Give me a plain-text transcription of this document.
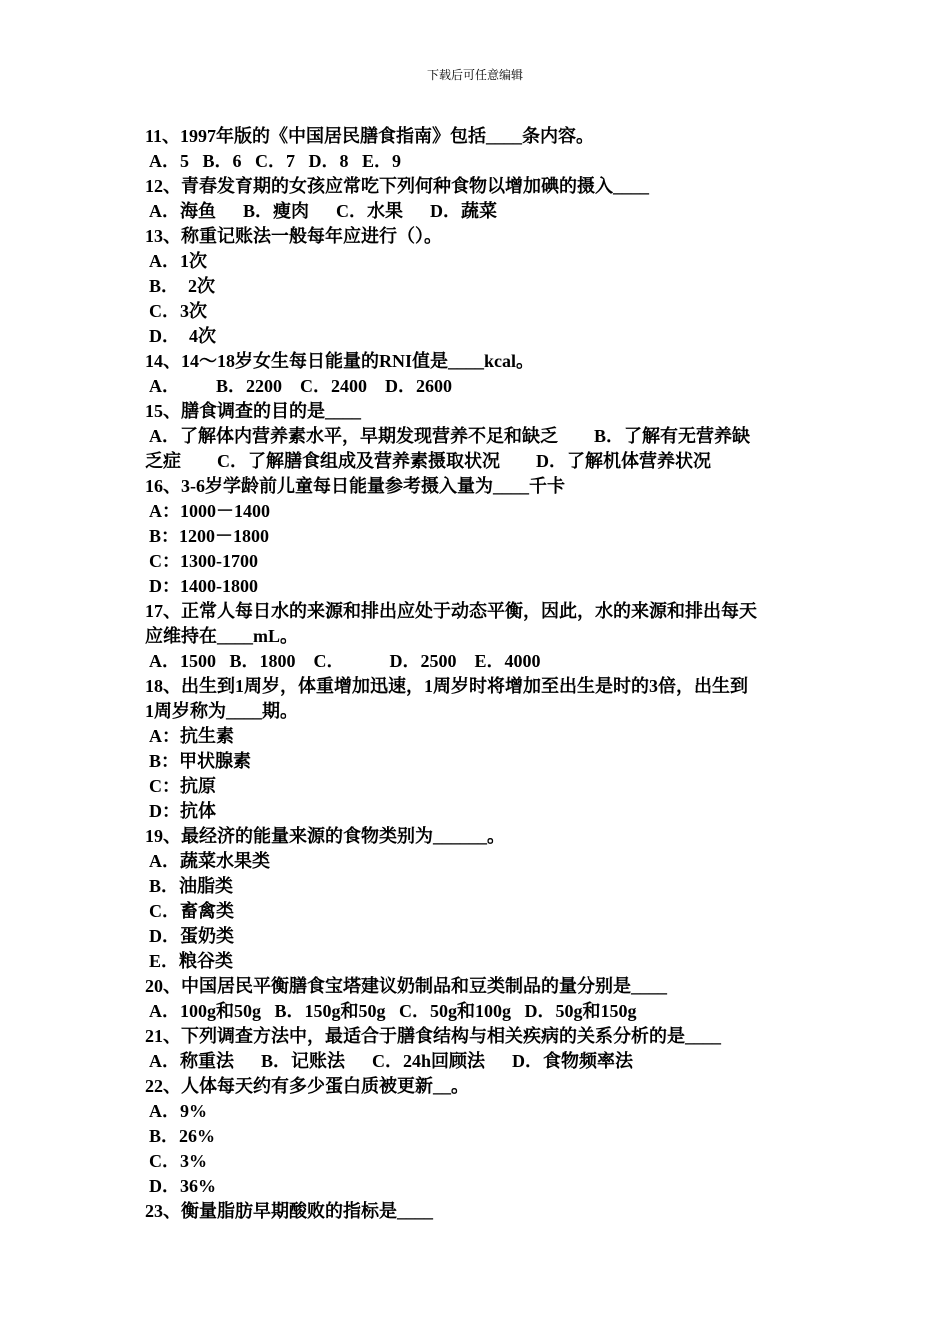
下载后可任意编辑
11、1997年版的《中国居民膳食指南》包括____条内容。
A．5   B．6   C．7   D．8   E．9
12、青春发育期的女孩应常吃下列何种食物以增加碘的摄入____
A．海鱼      B．瘦肉      C．水果      D．蔬菜
13、称重记账法一般每年应进行（）。
A．1次
B．  2次
C．3次
D．  4次
14、14～18岁女生每日能量的RNI值是____kcal。
A．        B．2200    C．2400    D．2600
15、膳食调查的目的是____
A．了解体内营养素水平，早期发现营养不足和缺乏        B．了解有无营养缺
乏症        C．了解膳食组成及营养素摄取状况        D．了解机体营养状况
16、3-6岁学龄前儿童每日能量参考摄入量为____千卡
A：1000－1400
B：1200－1800
C：1300-1700
D：1400-1800
17、正常人每日水的来源和排出应处于动态平衡，因此，水的来源和排出每天
应维持在____mL。
A．1500   B．1800    C．          D．2500    E．4000
18、出生到1周岁，体重增加迅速，1周岁时将增加至出生是时的3倍，出生到
1周岁称为____期。
A：抗生素
B：甲状腺素
C：抗原
D：抗体
19、最经济的能量来源的食物类别为______。
A．蔬菜水果类
B．油脂类
C．畜禽类
D．蛋奶类
E．粮谷类
20、中国居民平衡膳食宝塔建议奶制品和豆类制品的量分别是____
A．100g和50g   B．150g和50g   C．50g和100g   D．50g和150g
21、下列调查方法中，最适合于膳食结构与相关疾病的关系分析的是____
A．称重法      B．记账法      C．24h回顾法      D．食物频率法
22、人体每天约有多少蛋白质被更新__。
A．9%
B．26%
C．3%
D．36%
23、衡量脂肪早期酸败的指标是____
